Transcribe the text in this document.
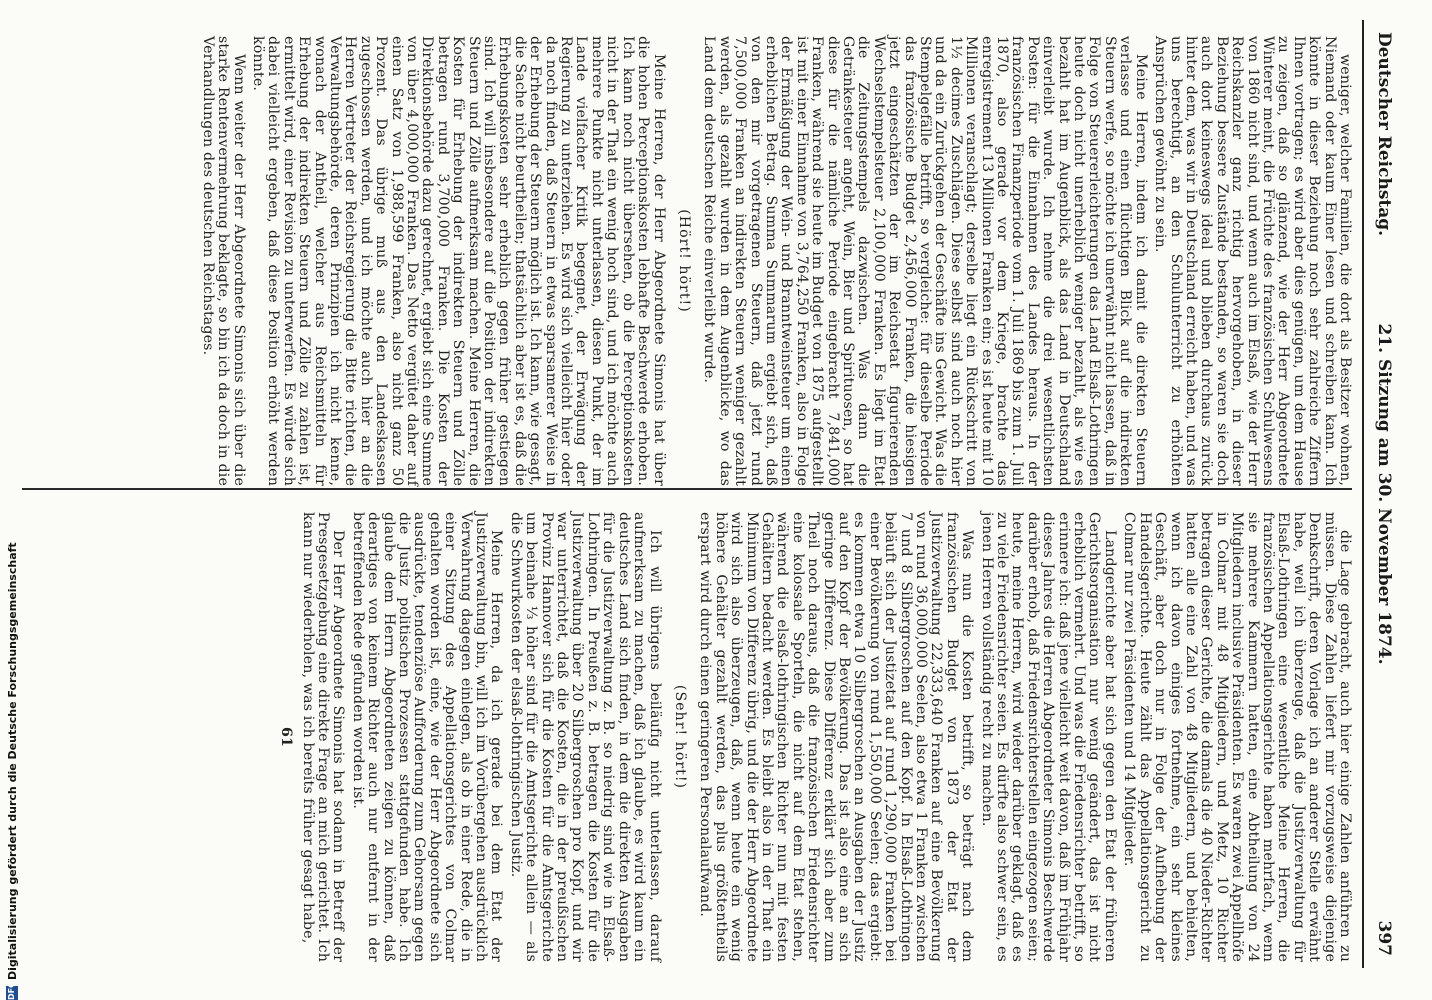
Deutscher Reichstag.
21. Sitzung am 30. November 1874.
397

weniger, welcher Familien, die dort als Besitzer wohnen, Niemand oder kaum Einer lesen und schreiben kann. Ich könnte in dieser Beziehung noch sehr zahlreiche Ziffern Ihnen vortragen; es wird aber dies genügen, um dem Hause zu zeigen, daß so glänzend, wie der Herr Abgeordnete Winterer meint, die Früchte des französischen Schulwesens von 1860 nicht sind, und wenn auch im Elsaß, wie der Herr Reichskanzler ganz richtig hervorgehoben, in dieser Beziehung bessere Zustände bestanden, so waren sie doch auch dort keineswegs ideal und blieben durchaus zurück hinter dem, was wir in Deutschland erreicht haben, und was uns berechtigt, an den Schulunterricht zu erhöhten Ansprüchen gewöhnt zu sein.

Meine Herren, indem ich damit die direkten Steuern verlasse und einen flüchtigen Blick auf die indirekten Steuern werfe, so möchte ich unerwähnt nicht lassen, daß in Folge von Steuererleichterungen das Land Elsaß-Lothringen heute doch nicht unerheblich weniger bezahlt, als wie es bezahlt hat im Augenblick, als das Land in Deutschland einverleibt wurde. Ich nehme die drei wesentlichsten Posten: für die Einnahmen des Landes heraus. In der französischen Finanzperiode vom 1. Juli 1869 bis zum 1. Juli 1870, also gerade vor dem Kriege, brachte das enregistrement 13 Millionen Franken ein; es ist heute mit 10 Millionen veranschlagt; derselbe liegt ein Rückschritt von 1½ decimes Zuschlägen. Diese selbst sind auch noch hier und da ein Zurückgehen der Geschäfte ins Gewicht. Was die Stempelgefälle betrifft, so vergleiche: für dieselbe Periode das französische Budget 2,456,000 Franken, die hiesigen jetzt eingeschätzten der im Reichsetat figurierenden Wechselstempelsteuer 2,100,000 Franken. Es liegt im Etat die Zeitungsstempels dazwischen. Was dann die Getränkesteuer angeht, Wein, Bier und Spirituosen, so hat diese für die nämliche Periode eingebracht 7,841,000 Franken, während sie heute im Budget von 1875 aufgestellt ist mit einer Einnahme von 3,764,250 Franken, also in Folge der Ermäßigung der Wein- und Branntweinsteuer um einen erheblichen Betrag. Summa Summarum ergiebt sich, daß von den mir vorgetragenen Steuern, daß jetzt rund 7,500,000 Franken an indirekten Steuern weniger gezahlt werden, als gezahlt wurden in dem Augenblicke, wo das Land dem deutschen Reiche einverleibt wurde.

(Hört! hört!)

Meine Herren, der Herr Abgeordnete Simonis hat über die hohen Perceptionskosten lebhafte Beschwerde erhoben. Ich kann noch nicht übersehen, ob die Perceptionskosten nicht in der That ein wenig hoch sind, und ich möchte auch mehrere Punkte nicht unterlassen, diesen Punkt, der im Lande vielfacher Kritik begegnet, der Erwägung der Regierung zu unterziehen. Es wird sich vielleicht hier oder da noch finden, daß Steuern in etwas sparsamerer Weise in der Erhebung der Steuern möglich ist. Ich kann, wie gesagt, die Sache nicht beurtheilen; thatsächlich aber ist es, daß die Erhebungskosten sehr erheblich gegen früher gestiegen sind. Ich will insbesondere auf die Position der indirekten Steuern und Zölle aufmerksam machen. Meine Herren, die Kosten für Erhebung der indirekten Steuern und Zölle betragen rund 3,700,000 Franken. Die Kosten der Direktionsbehörde dazu gerechnet, ergiebt sich eine Summe von über 4,000,000 Franken. Das Netto vergütet daher auf einen Satz von 1,988,599 Franken, also nicht ganz 50 Prozent. Das übrige muß aus den Landeskassen zugeschossen werden, und ich möchte auch hier an die Herren Vertreter der Reichsregierung die Bitte richten, die Verwaltungsbehörde, deren Prinzipien ich nicht kenne, wonach der Antheil, welcher aus Reichsmitteln für Erhebung der indirekten Steuern und Zölle zu zahlen ist, ermittelt wird, einer Revision zu unterwerfen. Es würde sich dabei vielleicht ergeben, daß diese Position erhöht werden könnte.

Wenn weiter der Herr Abgeordnete Simonis sich über die starke Rentenvermehrung beklagte, so bin ich da doch in die Verhandlungen des deutschen Reichstages.

die Lage gebracht, auch hier einige Zahlen anführen zu müssen. Diese Zahlen liefert mir vorzugsweise diejenige Denkschrift, deren Vorlage ich an anderer Stelle erwähnt habe, weil ich überzeuge, daß die Justizverwaltung für Elsaß-Lothringen eine wesentliche Meine Herren, die französischen Appellationsgerichte haben mehrfach, wenn sie mehrere Kammern hatten, eine Abtheilung von 24 Mitgliedern inclusive Präsidenten. Es waren zwei Appellhöfe in Colmar mit 48 Mitgliedern, und Metz, 10 Richter betragen dieser Gerichte, die damals die 40 Nieder-Richter hatten alle eine Zahl von 48 Mitgliedern, und behielten, wenn ich davon einiges fortnehme, ein sehr kleines Geschäft, aber doch nur in Folge der Aufhebung der Handelsgerichte. Heute zählt das Appellationsgericht zu Colmar nur zwei Präsidenten und 14 Mitglieder.

Landgerichte aber hat sich gegen den Etat der früheren Gerichtsorganisation nur wenig geändert, das ist nicht erheblich vermehrt. Und was die Friedensrichter betrifft, so erinnere ich: daß jene vielleicht weit davon, daß im Frühjahr dieses Jahres die Herren Abgeordneter Simonis Beschwerde darüber erhob, daß Friedensrichterstellen eingezogen seien; heute, meine Herren, wird wieder darüber geklagt, daß es zu viele Friedensrichter seien. Es dürfte also schwer sein, es jenen Herren vollständig recht zu machen.

Was nun die Kosten betrifft, so beträgt nach dem französischen Budget von 1873 der Etat der Justizverwaltung 22,333,640 Franken auf eine Bevölkerung von rund 36,000,000 Seelen, also etwa 1 Franken zwischen 7 und 8 Silbergroschen auf den Kopf. In Elsaß-Lothringen beläuft sich der Justizetat auf rund 1,290,000 Franken bei einer Bevölkerung von rund 1,550,000 Seelen; das ergiebt: es kommen etwa 10 Silbergroschen an Ausgaben der Justiz auf den Kopf der Bevölkerung. Das ist also eine an sich geringe Differenz. Diese Differenz erklärt sich aber zum Theil noch daraus, daß die französischen Friedensrichter eine kolossale Sporteln, die nicht auf dem Etat stehen, während die elsaß-lothringischen Richter nun mit festen Gehältern bedacht werden. Es bleibt also in der That ein Minimum von Differenz übrig, und die der Herr Abgeordnete wird sich also überzeugen, daß, wenn heute ein wenig höhere Gehälter gezahlt werden, das plus größtentheils erspart wird durch einen geringeren Personalaufwand.

(Sehr! hört!)

Ich will übrigens beiläufig nicht unterlassen, darauf aufmerksam zu machen, daß ich glaube, es wird kaum ein deutsches Land sich finden, in dem die direkten Ausgaben für die Justizverwaltung z. B. so niedrig sind wie in Elsaß-Lothringen. In Preußen z. B. betragen die Kosten für die Justizverwaltung über 20 Silbergroschen pro Kopf, und wir war unterrichtet, daß die Kosten, die in der preußischen Provinz Hannover sich für die Kosten für die Amtsgerichte um beinahe ⅓ höher sind für die Amtsgerichte allein — als die Schwurkosten der elsaß-lothringischen Justiz.

Meine Herren, da ich gerade bei dem Etat der Justizverwaltung bin, will ich im Vorübergehen ausdrücklich Verwahrung dagegen einlegen, als ob in einer Rede, die in einer Sitzung des Appellationsgerichtes von Colmar gehalten worden ist, eine, wie der Herr Abgeordnete sich ausdrückte, tendenziöse Aufforderung zum Gehorsam gegen die Justiz politischen Prozessen stattgefunden habe. Ich glaube dem Herrn Abgeordneten zeigen zu können, daß derartiges von keinem Richter auch nur entfernt in der betreffenden Rede gefunden worden ist.

Der Herr Abgeordnete Simonis hat sodann in Betreff der Presgesetzgebung eine direkte Frage an mich gerichtet. Ich kann nur wiederholen, was ich bereits früher gesagt habe,

61

DFG
Digitalisierung gefördert durch die Deutsche Forschungsgemeinschaft
